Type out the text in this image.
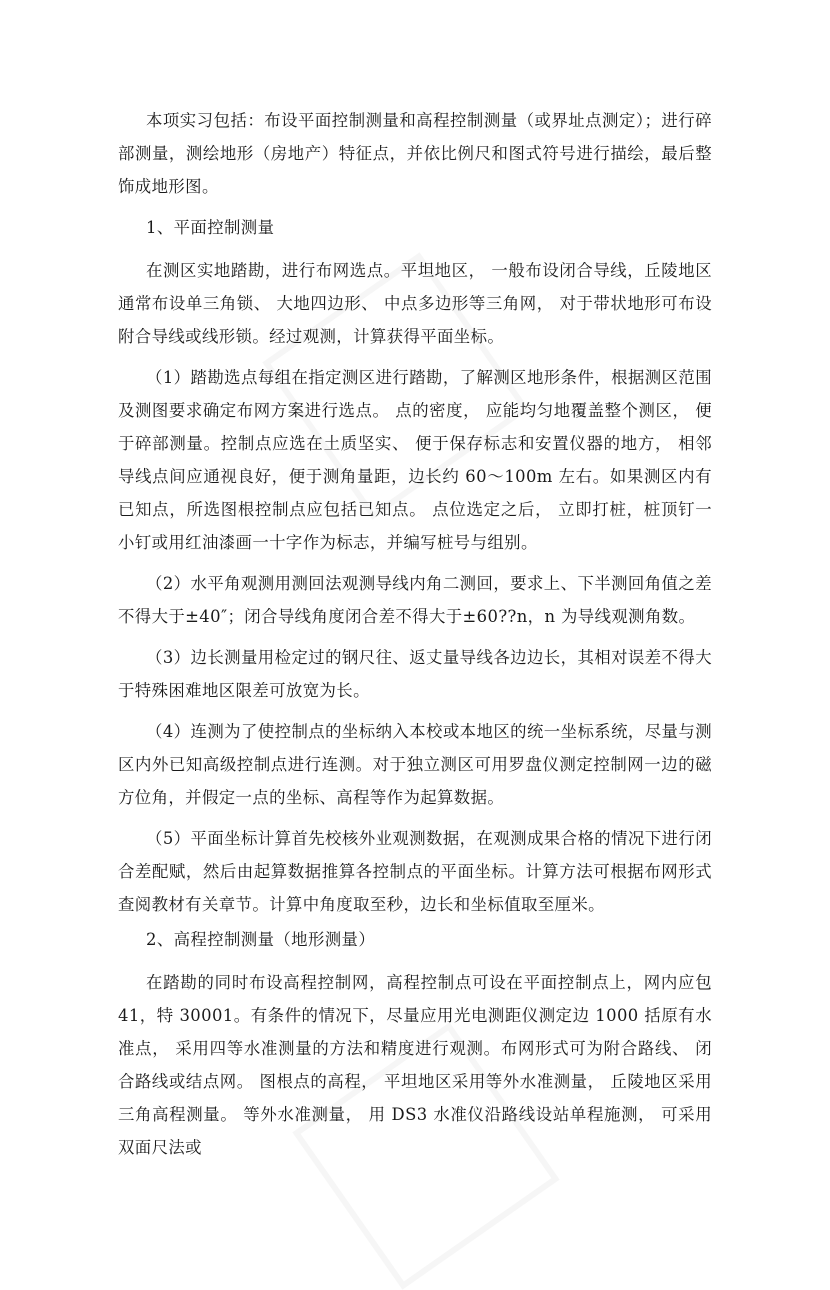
本项实习包括：布设平面控制测量和高程控制测量（或界址点测定）；进行碎部测量，测绘地形（房地产）特征点，并依比例尺和图式符号进行描绘，最后整饰成地形图。

1、平面控制测量

在测区实地踏勘，进行布网选点。平坦地区， 一般布设闭合导线，丘陵地区通常布设单三角锁、 大地四边形、 中点多边形等三角网， 对于带状地形可布设附合导线或线形锁。经过观测，计算获得平面坐标。

（1）踏勘选点每组在指定测区进行踏勘，了解测区地形条件，根据测区范围及测图要求确定布网方案进行选点。 点的密度， 应能均匀地覆盖整个测区， 便于碎部测量。控制点应选在土质坚实、 便于保存标志和安置仪器的地方， 相邻导线点间应通视良好，便于测角量距，边长约 60～100m 左右。如果测区内有已知点，所选图根控制点应包括已知点。 点位选定之后， 立即打桩，桩顶钉一小钉或用红油漆画一十字作为标志，并编写桩号与组别。

（2）水平角观测用测回法观测导线内角二测回，要求上、下半测回角值之差不得大于±40″；闭合导线角度闭合差不得大于±60??n，n 为导线观测角数。

（3）边长测量用检定过的钢尺往、返丈量导线各边边长，其相对误差不得大于特殊困难地区限差可放宽为长。

（4）连测为了使控制点的坐标纳入本校或本地区的统一坐标系统，尽量与测区内外已知高级控制点进行连测。对于独立测区可用罗盘仪测定控制网一边的磁方位角，并假定一点的坐标、高程等作为起算数据。

（5）平面坐标计算首先校核外业观测数据，在观测成果合格的情况下进行闭合差配赋，然后由起算数据推算各控制点的平面坐标。计算方法可根据布网形式查阅教材有关章节。计算中角度取至秒，边长和坐标值取至厘米。

2、高程控制测量（地形测量）

在踏勘的同时布设高程控制网，高程控制点可设在平面控制点上，网内应包 41，特 30001。有条件的情况下，尽量应用光电测距仪测定边 1000 括原有水准点， 采用四等水准测量的方法和精度进行观测。布网形式可为附合路线、 闭合路线或结点网。 图根点的高程， 平坦地区采用等外水准测量， 丘陵地区采用三角高程测量。 等外水准测量， 用 DS3 水准仪沿路线设站单程施测， 可采用双面尺法或
